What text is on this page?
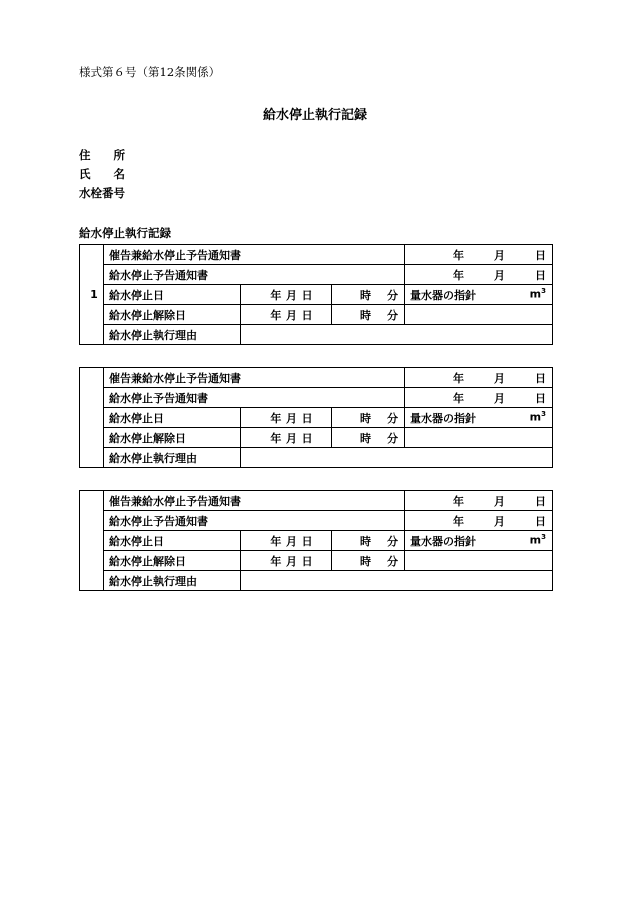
様式第６号（第12条関係）
給水停止執行記録
住　　所
氏　　名
水栓番号
給水停止執行記録
1	催告兼給水停止予告通知書			年 月 日

	給水停止予告通知書			年 月 日

	給水停止日	年 月 日	時 分	量水器の指針 $m^3$

	給水停止解除日	年 月 日	時 分	

	給水停止執行理由			
	催告兼給水停止予告通知書			年 月 日

	給水停止予告通知書			年 月 日

	給水停止日	年 月 日	時 分	量水器の指針 $m^3$

	給水停止解除日	年 月 日	時 分	

	給水停止執行理由			
	催告兼給水停止予告通知書			年 月 日

	給水停止予告通知書			年 月 日

	給水停止日	年 月 日	時 分	量水器の指針 $m^3$

	給水停止解除日	年 月 日	時 分	

	給水停止執行理由			
